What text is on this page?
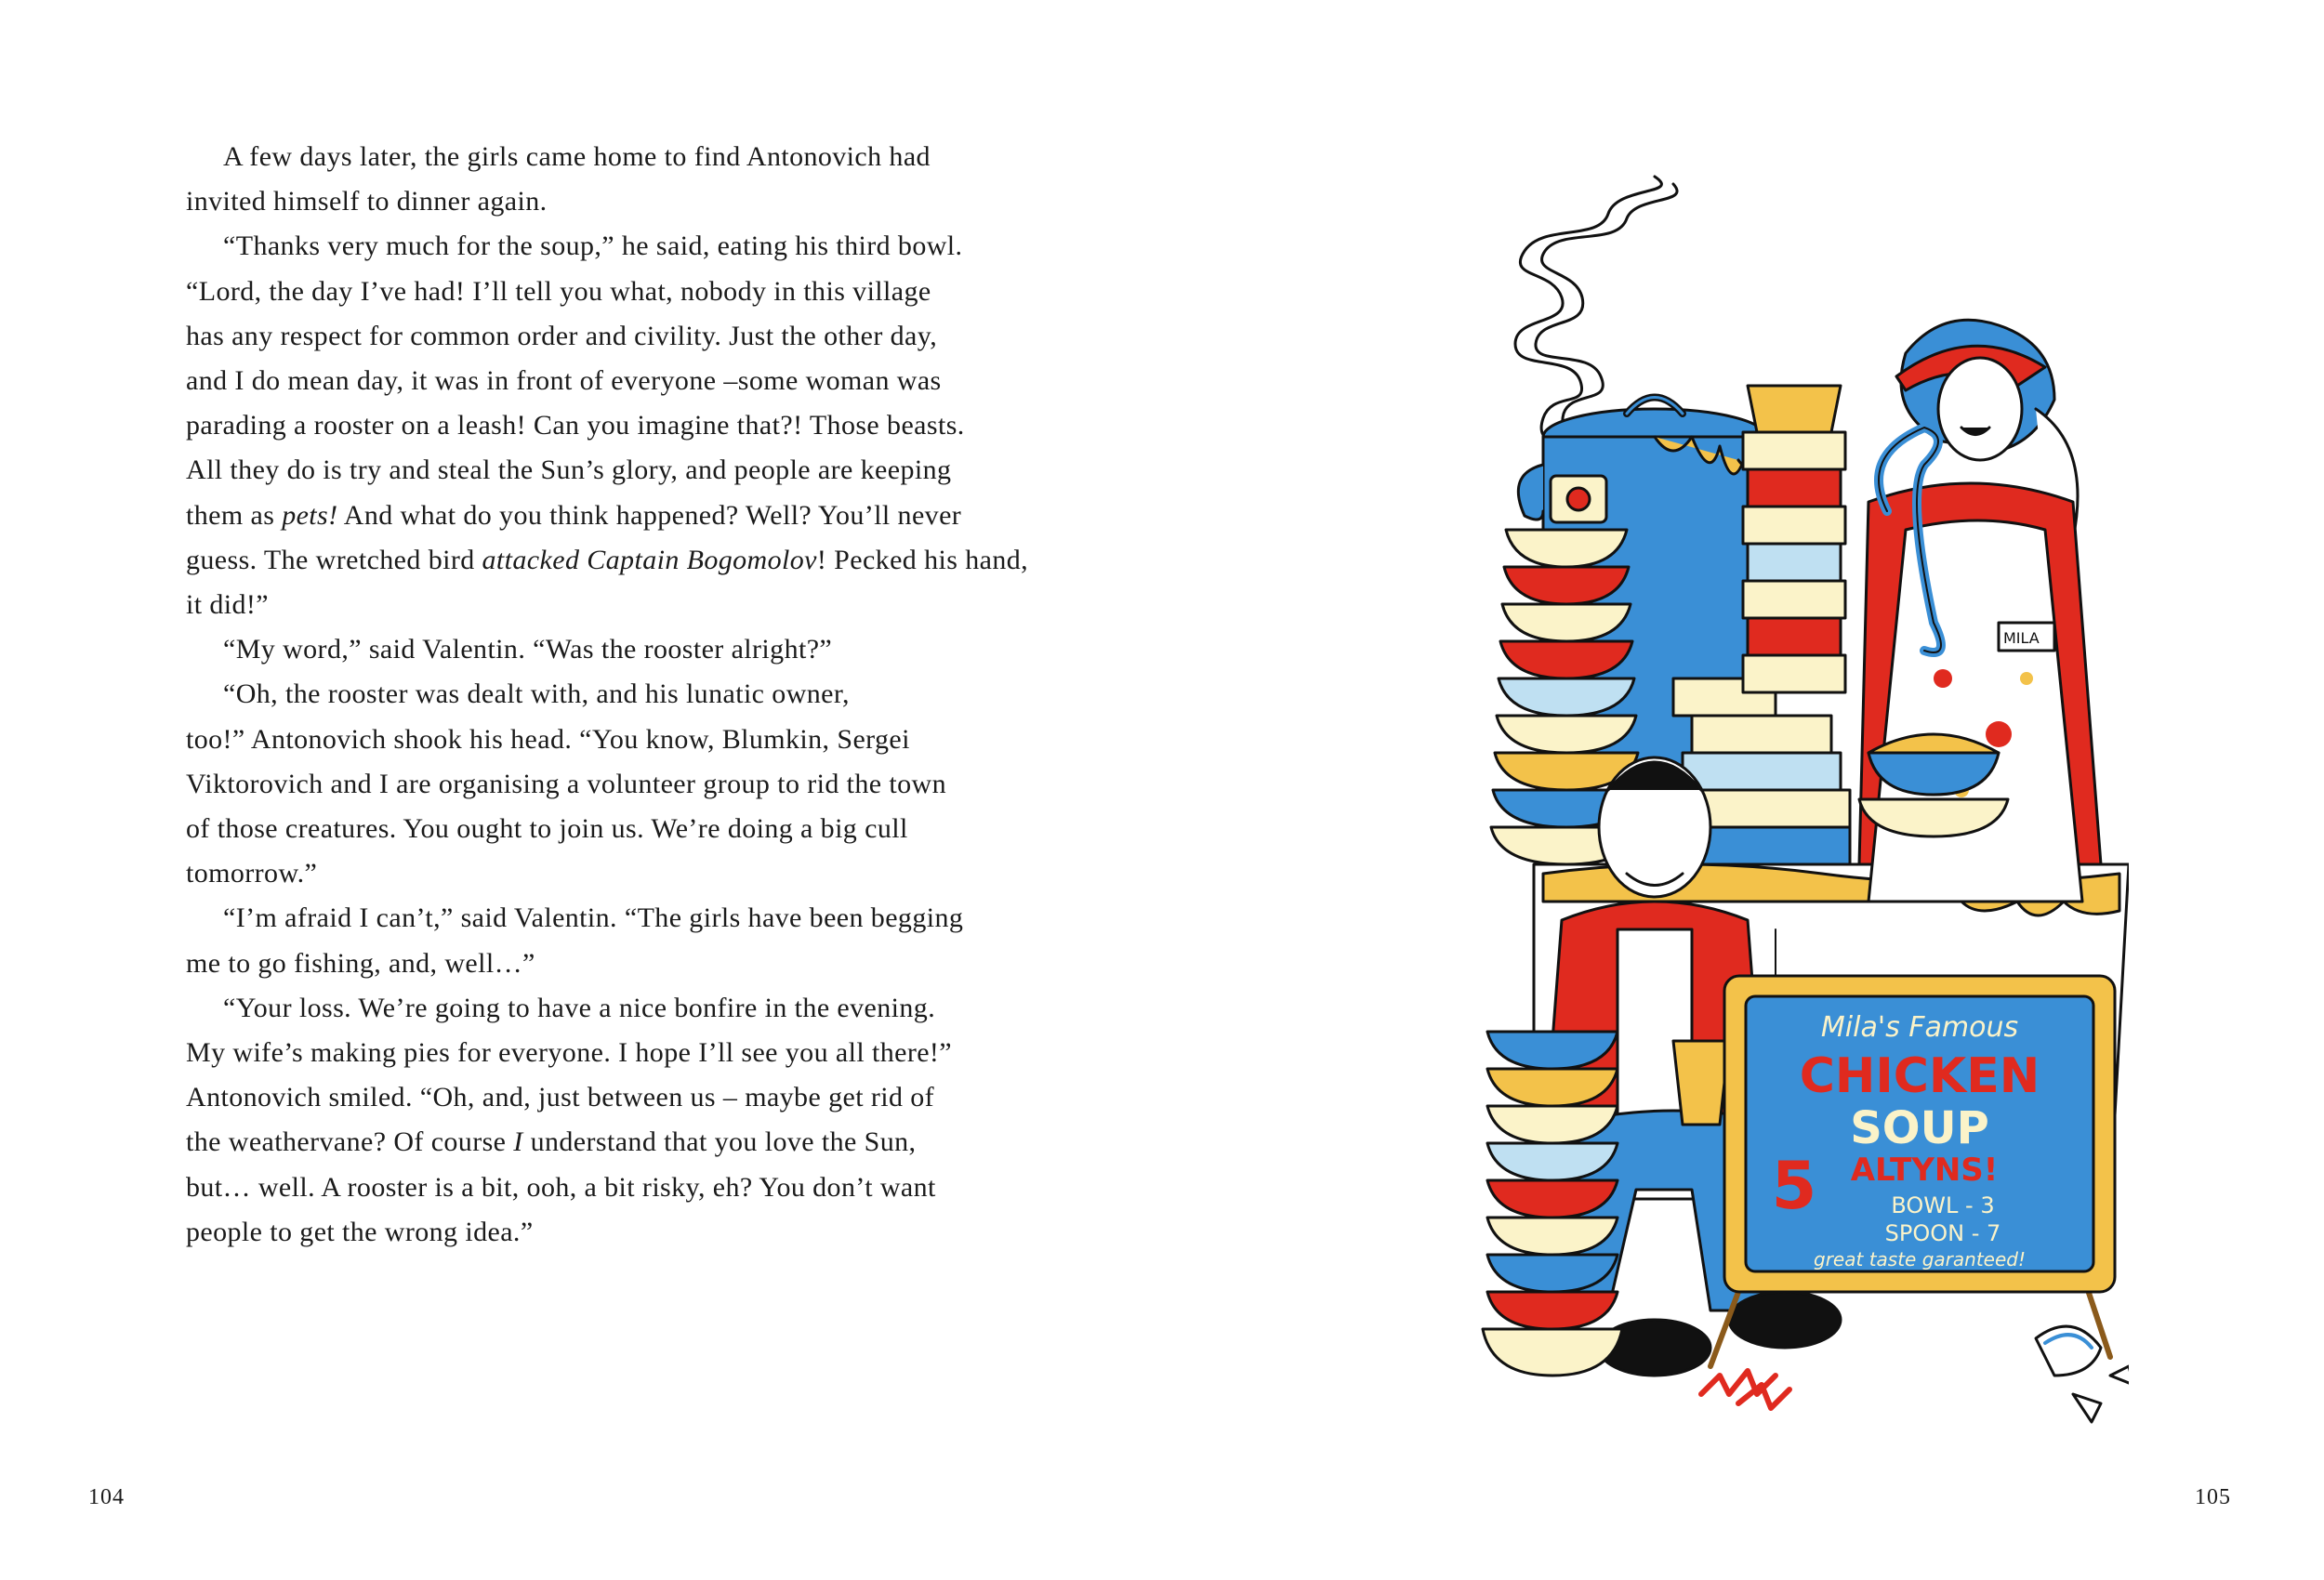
A few days later, the girls came home to find Antonovich had
invited himself to dinner again.
“Thanks very much for the soup,” he said, eating his third bowl.
“Lord, the day I’ve had! I’ll tell you what, nobody in this village
has any respect for common order and civility. Just the other day,
and I do mean day, it was in front of everyone –some woman was
parading a rooster on a leash! Can you imagine that?! Those beasts.
All they do is try and steal the Sun’s glory, and people are keeping
them as pets! And what do you think happened? Well? You’ll never
guess. The wretched bird attacked Captain Bogomolov! Pecked his hand,
it did!”
“My word,” said Valentin. “Was the rooster alright?”
“Oh, the rooster was dealt with, and his lunatic owner,
too!” Antonovich shook his head. “You know, Blumkin, Sergei
Viktorovich and I are organising a volunteer group to rid the town
of those creatures. You ought to join us. We’re doing a big cull
tomorrow.”
“I’m afraid I can’t,” said Valentin. “The girls have been begging
me to go fishing, and, well…”
“Your loss. We’re going to have a nice bonfire in the evening.
My wife’s making pies for everyone. I hope I’ll see you all there!”
Antonovich smiled. “Oh, and, just between us – maybe get rid of
the weathervane? Of course I understand that you love the Sun,
but… well. A rooster is a bit, ooh, a bit risky, eh? You don’t want
people to get the wrong idea.”
104
MILA
Mila's Famous
CHICKEN
SOUP
5 ALTYNS!
BOWL - 3
SPOON - 7
great taste garanteed!
105
